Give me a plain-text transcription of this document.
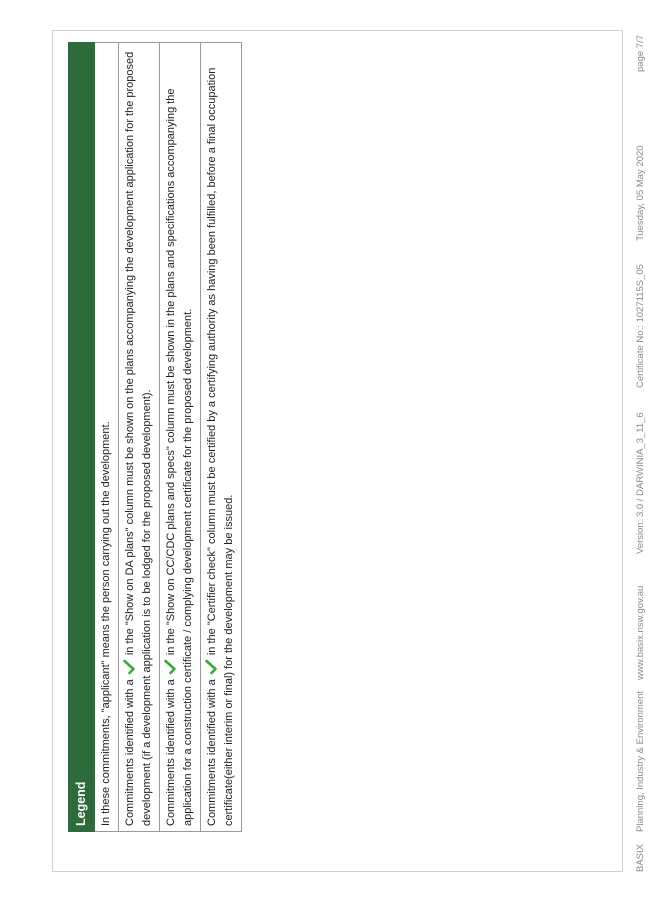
Legend
In these commitments, "applicant" means the person carrying out the development.
Commitments identified with a  in the "Show on DA plans" column must be shown on the plans accompanying the development application for the proposed development (if a development application is to be lodged for the proposed development).
Commitments identified with a  in the "Show on CC/CDC plans and specs" column must be shown in the plans and specifications accompanying the application for a construction certificate / complying development certificate for the proposed development.
Commitments identified with a  in the "Certifier check" column must be certified by a certifying authority as having been fulfilled, before a final occupation certificate(either interim or final) for the development may be issued.
BASIX
Planning, Industry & Environment
www.basix.nsw.gov.au
Version: 3.0 / DARWINIA_3_11_6
Certificate No.: 1027115S_05
Tuesday, 05 May 2020
page 7/7
